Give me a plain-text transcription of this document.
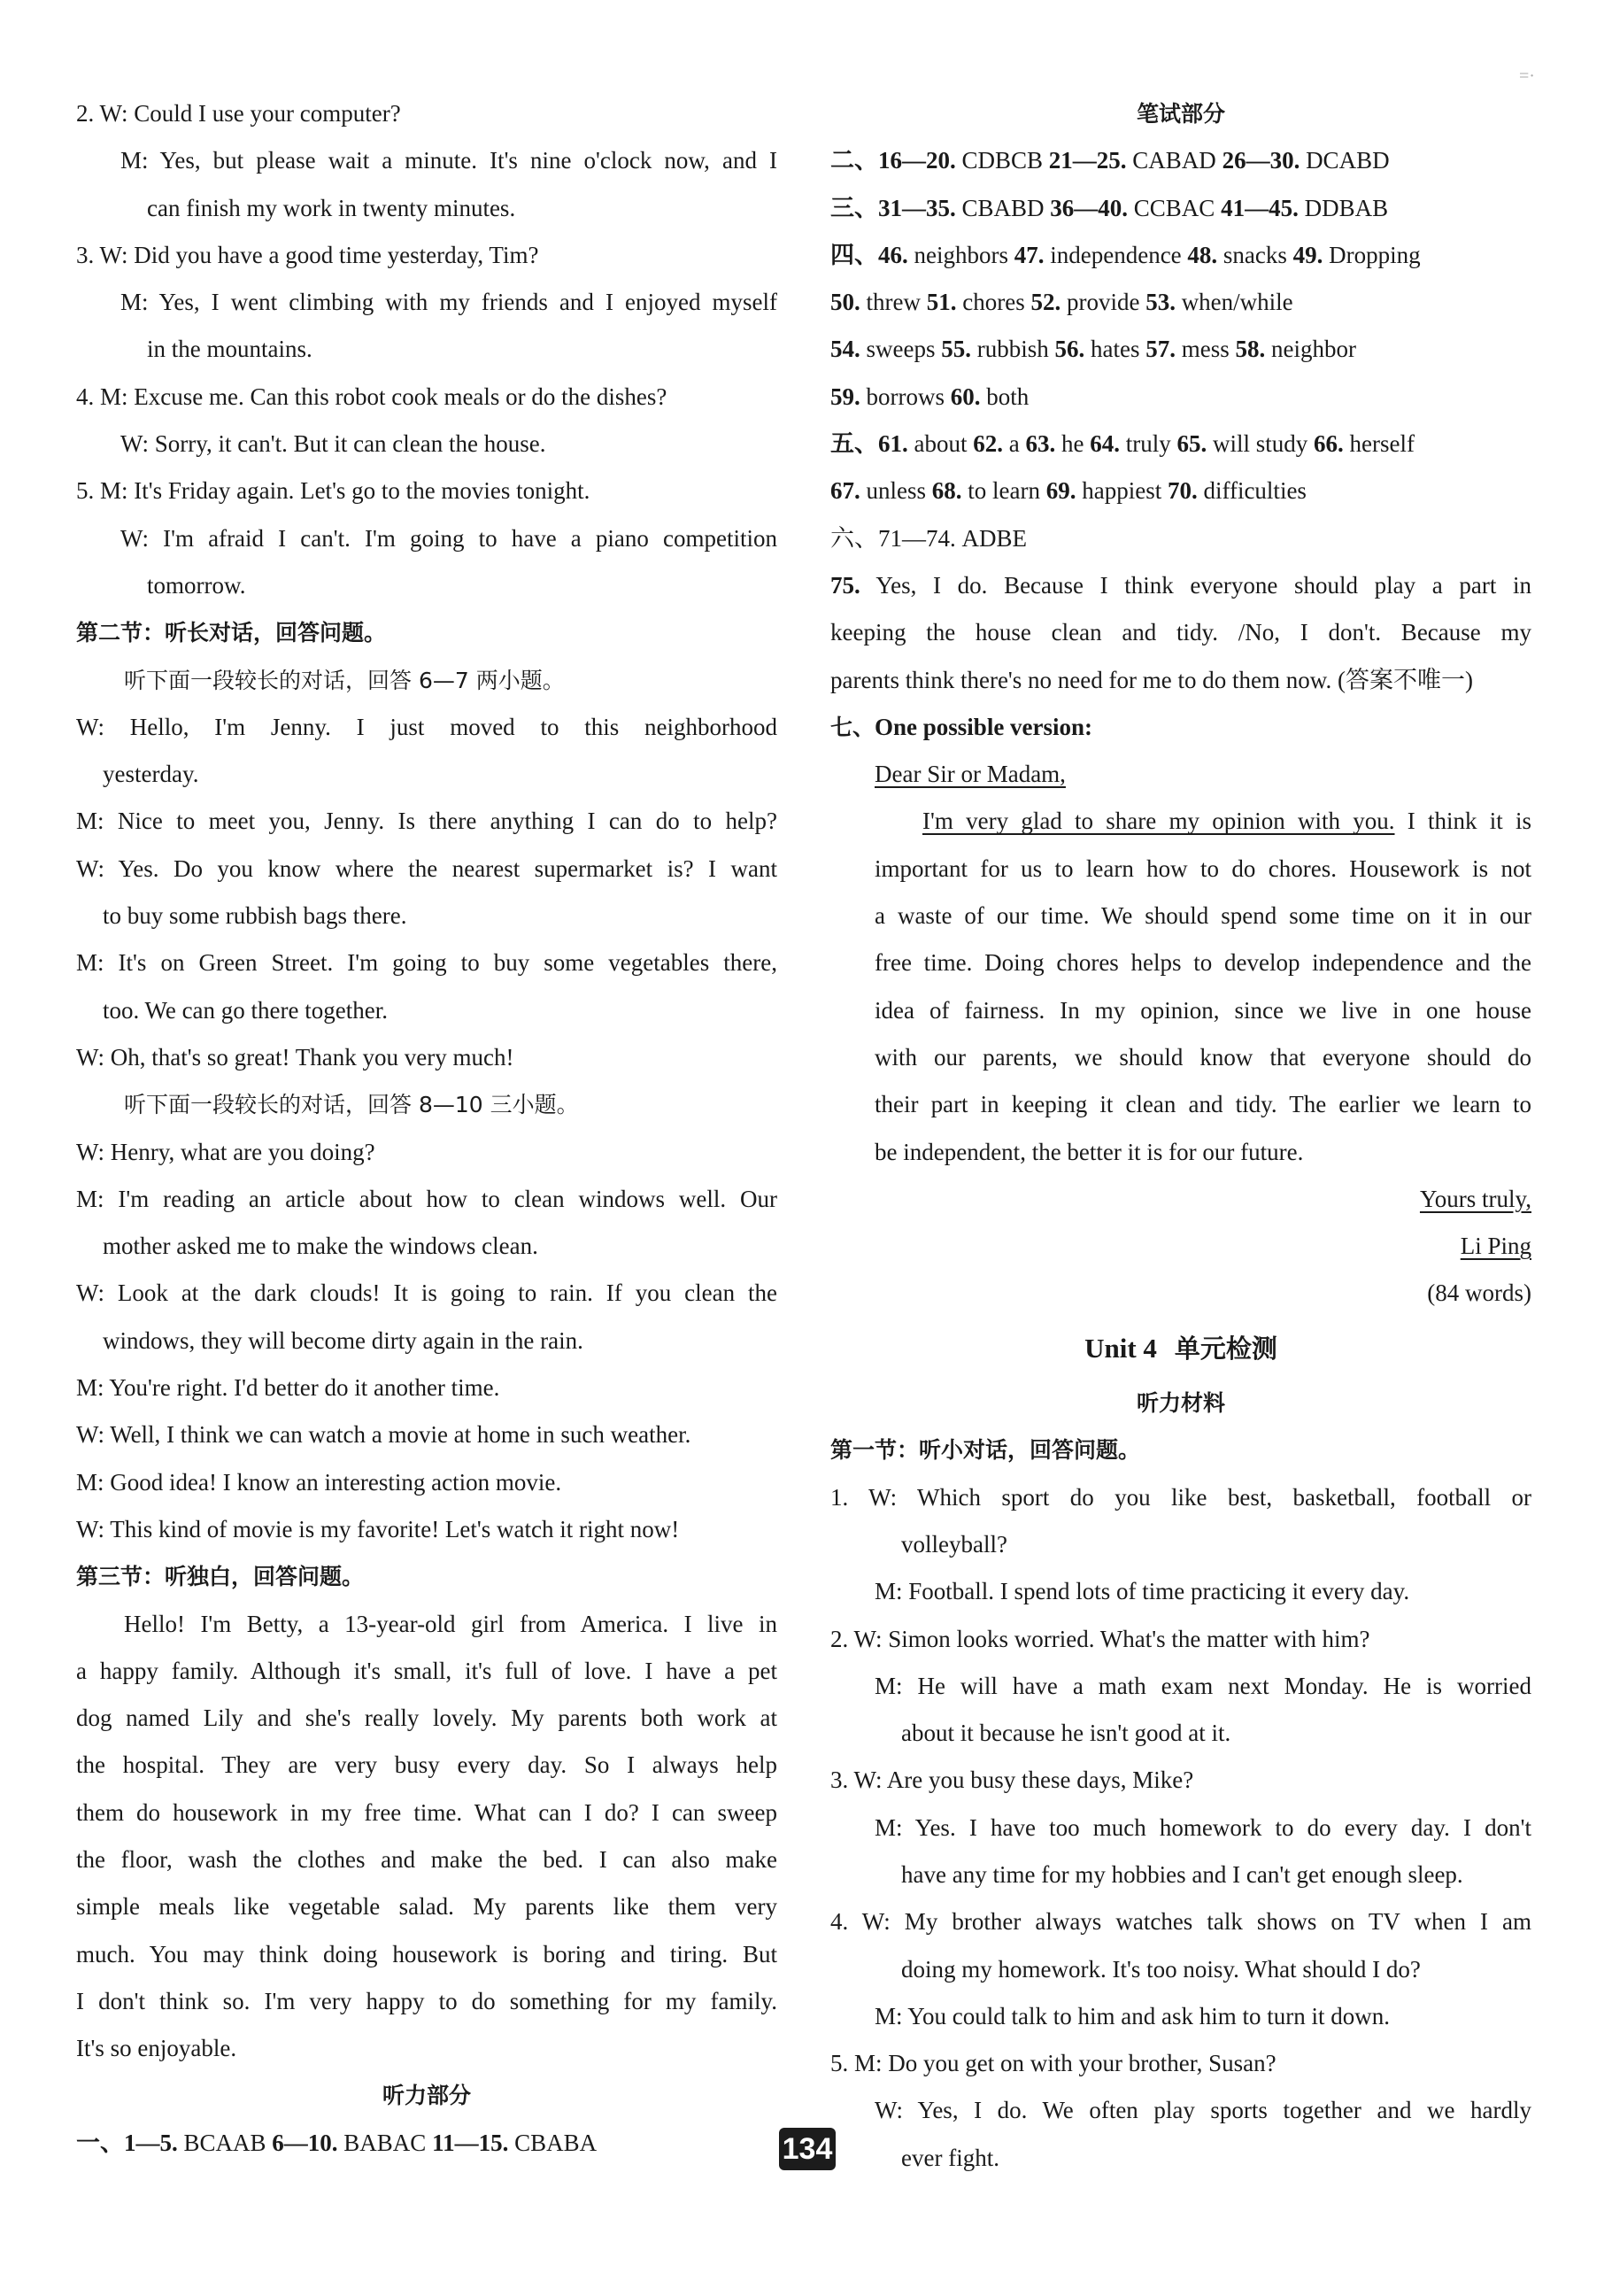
=·
2. W: Could I use your computer?
M: Yes, but please wait a minute. It's nine o'clock now, and I
can finish my work in twenty minutes.
3. W: Did you have a good time yesterday, Tim?
M: Yes, I went climbing with my friends and I enjoyed myself
in the mountains.
4. M: Excuse me. Can this robot cook meals or do the dishes?
W: Sorry, it can't. But it can clean the house.
5. M: It's Friday again. Let's go to the movies tonight.
W: I'm afraid I can't. I'm going to have a piano competition
tomorrow.
第二节：听长对话，回答问题。
听下面一段较长的对话，回答 6—7 两小题。
W: Hello, I'm Jenny. I just moved to this neighborhood
yesterday.
M: Nice to meet you, Jenny. Is there anything I can do to help?
W: Yes. Do you know where the nearest supermarket is? I want
to buy some rubbish bags there.
M: It's on Green Street. I'm going to buy some vegetables there,
too. We can go there together.
W: Oh, that's so great! Thank you very much!
听下面一段较长的对话，回答 8—10 三小题。
W: Henry, what are you doing?
M: I'm reading an article about how to clean windows well. Our
mother asked me to make the windows clean.
W: Look at the dark clouds! It is going to rain. If you clean the
windows, they will become dirty again in the rain.
M: You're right. I'd better do it another time.
W: Well, I think we can watch a movie at home in such weather.
M: Good idea! I know an interesting action movie.
W: This kind of movie is my favorite! Let's watch it right now!
第三节：听独白，回答问题。
Hello! I'm Betty, a 13-year-old girl from America. I live in
a happy family. Although it's small, it's full of love. I have a pet
dog named Lily and she's really lovely. My parents both work at
the hospital. They are very busy every day. So I always help
them do housework in my free time. What can I do? I can sweep
the floor, wash the clothes and make the bed. I can also make
simple meals like vegetable salad. My parents like them very
much. You may think doing housework is boring and tiring. But
I don't think so. I'm very happy to do something for my family.
It's so enjoyable.
听力部分
一、1—5. BCAAB 6—10. BABAC 11—15. CBABA
笔试部分
二、16—20. CDBCB 21—25. CABAD 26—30. DCABD
三、31—35. CBABD 36—40. CCBAC 41—45. DDBAB
四、46. neighbors 47. independence 48. snacks 49. Dropping
50. threw 51. chores 52. provide 53. when/while
54. sweeps 55. rubbish 56. hates 57. mess 58. neighbor
59. borrows 60. both
五、61. about 62. a 63. he 64. truly 65. will study 66. herself
67. unless 68. to learn 69. happiest 70. difficulties
六、71—74. ADBE
75. Yes, I do. Because I think everyone should play a part in
keeping the house clean and tidy. /No, I don't. Because my
parents think there's no need for me to do them now. (答案不唯一)
七、One possible version:
Dear Sir or Madam,
I'm very glad to share my opinion with you. I think it is
important for us to learn how to do chores. Housework is not
a waste of our time. We should spend some time on it in our
free time. Doing chores helps to develop independence and the
idea of fairness. In my opinion, since we live in one house
with our parents, we should know that everyone should do
their part in keeping it clean and tidy. The earlier we learn to
be independent, the better it is for our future.
Yours truly,
Li Ping
(84 words)
Unit 4 单元检测
听力材料
第一节：听小对话，回答问题。
1. W: Which sport do you like best, basketball, football or
volleyball?
M: Football. I spend lots of time practicing it every day.
2. W: Simon looks worried. What's the matter with him?
M: He will have a math exam next Monday. He is worried
about it because he isn't good at it.
3. W: Are you busy these days, Mike?
M: Yes. I have too much homework to do every day. I don't
have any time for my hobbies and I can't get enough sleep.
4. W: My brother always watches talk shows on TV when I am
doing my homework. It's too noisy. What should I do?
M: You could talk to him and ask him to turn it down.
5. M: Do you get on with your brother, Susan?
W: Yes, I do. We often play sports together and we hardly
ever fight.
134
